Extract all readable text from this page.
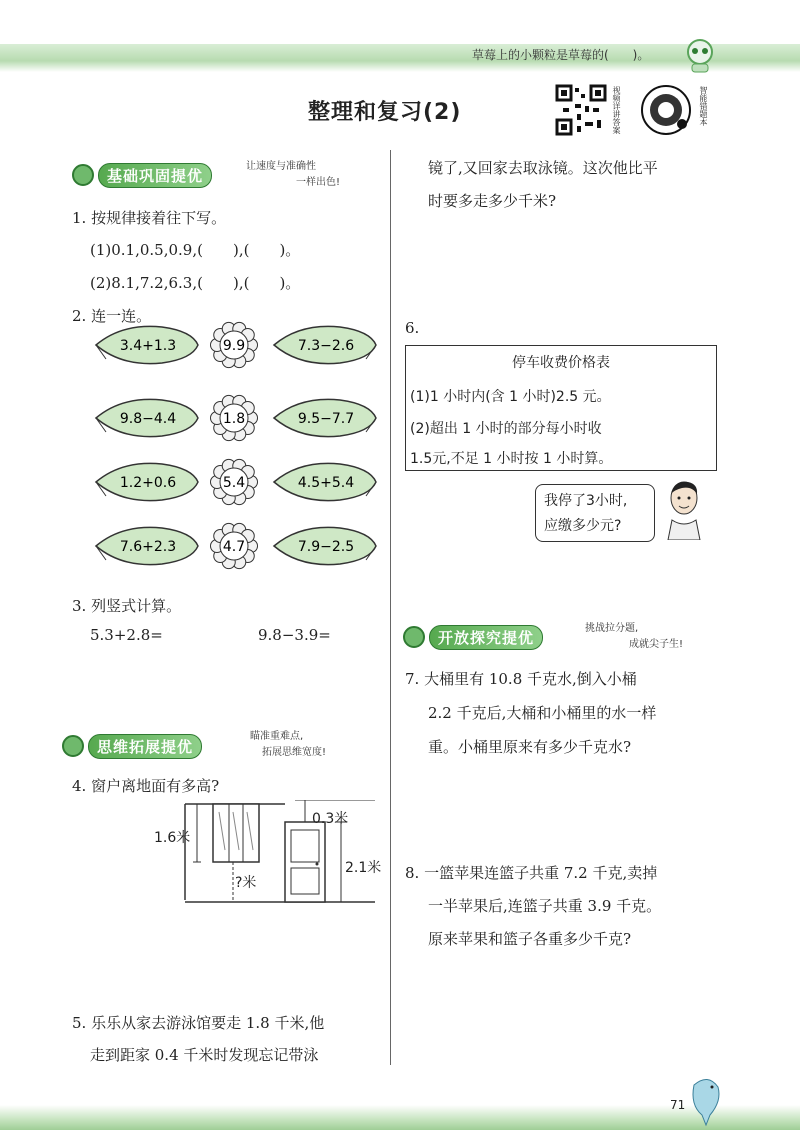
草莓上的小颗粒是草莓的(　　)。
整理和复习(2)	视频详讲答案	智能错题本
基础巩固提优	让速度与准确性
一样出色!
1. 按规律接着往下写。
(1)0.1,0.5,0.9,(　　),(　　)。
(2)8.1,7.2,6.3,(　　),(　　)。
2. 连一连。
3.4+1.3
9.8−4.4
1.2+0.6
7.6+2.3
9.9
1.8
5.4
4.7
7.3−2.6
9.5−7.7
4.5+5.4
7.9−2.5
3. 列竖式计算。
5.3+2.8=	9.8−3.9=
思维拓展提优
瞄准重难点,
拓展思维宽度!
4. 窗户离地面有多高?
1.6米
0.3米
2.1米
?米
5. 乐乐从家去游泳馆要走 1.8 千米,他
走到距家 0.4 千米时发现忘记带泳
镜了,又回家去取泳镜。这次他比平
时要多走多少千米?
6.
停车收费价格表
(1)1 小时内(含 1 小时)2.5 元。
(2)超出 1 小时的部分每小时收
1.5元,不足 1 小时按 1 小时算。
我停了3小时,
应缴多少元?
开放探究提优	挑战拉分题,
成就尖子生!
7. 大桶里有 10.8 千克水,倒入小桶
2.2 千克后,大桶和小桶里的水一样
重。小桶里原来有多少千克水?
8. 一篮苹果连篮子共重 7.2 千克,卖掉
一半苹果后,连篮子共重 3.9 千克。
原来苹果和篮子各重多少千克?
71
